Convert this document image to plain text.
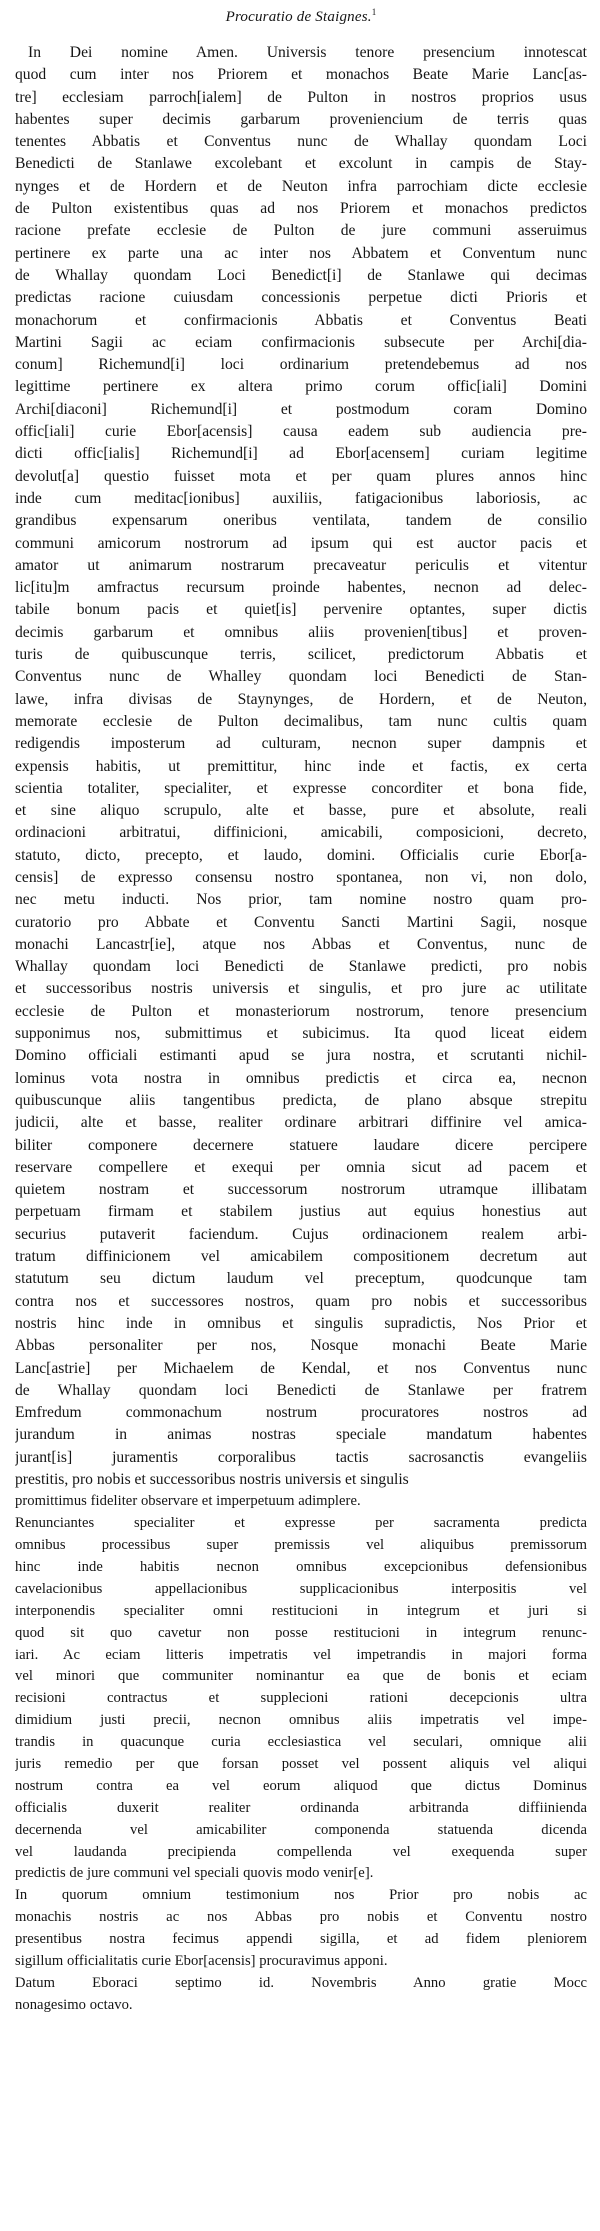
Procuratio de Staignes.$^1$
In Dei nomine Amen. Universis tenore presencium innotescat
quod cum inter nos Priorem et monachos Beate Marie Lanc[as-
tre] ecclesiam parroch[ialem] de Pulton in nostros proprios usus
habentes super decimis garbarum proveniencium de terris quas
tenentes Abbatis et Conventus nunc de Whallay quondam Loci
Benedicti de Stanlawe excolebant et excolunt in campis de Stay-
nynges et de Hordern et de Neuton infra parrochiam dicte ecclesie
de Pulton existentibus quas ad nos Priorem et monachos predictos
racione prefate ecclesie de Pulton de jure communi asseruimus
pertinere ex parte una ac inter nos Abbatem et Conventum nunc
de Whallay quondam Loci Benedict[i] de Stanlawe qui decimas
predictas racione cuiusdam concessionis perpetue dicti Prioris et
monachorum et confirmacionis Abbatis et Conventus Beati
Martini Sagii ac eciam confirmacionis subsecute per Archi[dia-
conum] Richemund[i] loci ordinarium pretendebemus ad nos
legittime pertinere ex altera primo corum offic[iali] Domini
Archi[diaconi] Richemund[i] et postmodum coram Domino
offic[iali] curie Ebor[acensis] causa eadem sub audiencia pre-
dicti offic[ialis] Richemund[i] ad Ebor[acensem] curiam legitime
devolut[a] questio fuisset mota et per quam plures annos hinc
inde cum meditac[ionibus] auxiliis, fatigacionibus laboriosis, ac
grandibus expensarum oneribus ventilata, tandem de consilio
communi amicorum nostrorum ad ipsum qui est auctor pacis et
amator ut animarum nostrarum precaveatur periculis et vitentur
lic[itu]m amfractus recursum proinde habentes, necnon ad delec-
tabile bonum pacis et quiet[is] pervenire optantes, super dictis
decimis garbarum et omnibus aliis provenien[tibus] et proven-
turis de quibuscunque terris, scilicet, predictorum Abbatis et
Conventus nunc de Whalley quondam loci Benedicti de Stan-
lawe, infra divisas de Staynynges, de Hordern, et de Neuton,
memorate ecclesie de Pulton decimalibus, tam nunc cultis quam
redigendis imposterum ad culturam, necnon super dampnis et
expensis habitis, ut premittitur, hinc inde et factis, ex certa
scientia totaliter, specialiter, et expresse concorditer et bona fide,
et sine aliquo scrupulo, alte et basse, pure et absolute, reali
ordinacioni arbitratui, diffinicioni, amicabili, composicioni, decreto,
statuto, dicto, precepto, et laudo, domini. Officialis curie Ebor[a-
censis] de expresso consensu nostro spontanea, non vi, non dolo,
nec metu inducti. Nos prior, tam nomine nostro quam pro-
curatorio pro Abbate et Conventu Sancti Martini Sagii, nosque
monachi Lancastr[ie], atque nos Abbas et Conventus, nunc de
Whallay quondam loci Benedicti de Stanlawe predicti, pro nobis
et successoribus nostris universis et singulis, et pro jure ac utilitate
ecclesie de Pulton et monasteriorum nostrorum, tenore presencium
supponimus nos, submittimus et subicimus. Ita quod liceat eidem
Domino officiali estimanti apud se jura nostra, et scrutanti nichil-
lominus vota nostra in omnibus predictis et circa ea, necnon
quibuscunque aliis tangentibus predicta, de plano absque strepitu
judicii, alte et basse, realiter ordinare arbitrari diffinire vel amica-
biliter componere decernere statuere laudare dicere percipere
reservare compellere et exequi per omnia sicut ad pacem et
quietem nostram et successorum nostrorum utramque illibatam
perpetuam firmam et stabilem justius aut equius honestius aut
securius putaverit faciendum. Cujus ordinacionem realem arbi-
tratum diffinicionem vel amicabilem compositionem decretum aut
statutum seu dictum laudum vel preceptum, quodcunque tam
contra nos et successores nostros, quam pro nobis et successoribus
nostris hinc inde in omnibus et singulis supradictis, Nos Prior et
Abbas personaliter per nos, Nosque monachi Beate Marie
Lanc[astrie] per Michaelem de Kendal, et nos Conventus nunc
de Whallay quondam loci Benedicti de Stanlawe per fratrem
Emfredum commonachum nostrum procuratores nostros ad
jurandum in animas nostras speciale mandatum habentes
jurant[is] juramentis corporalibus tactis sacrosanctis evangeliis
prestitis, pro nobis et successoribus nostris universis et singulis
promittimus fideliter observare et imperpetuum adimplere.
Renunciantes specialiter et expresse per sacramenta predicta
omnibus processibus super premissis vel aliquibus premissorum
hinc inde habitis necnon omnibus excepcionibus defensionibus
cavelacionibus appellacionibus supplicacionibus interpositis vel
interponendis specialiter omni restitucioni in integrum et juri si
quod sit quo cavetur non posse restitucioni in integrum renunc-
iari. Ac eciam litteris impetratis vel impetrandis in majori forma
vel minori que communiter nominantur ea que de bonis et eciam
recisioni contractus et supplecioni rationi decepcionis ultra
dimidium justi precii, necnon omnibus aliis impetratis vel impe-
trandis in quacunque curia ecclesiastica vel seculari, omnique alii
juris remedio per que forsan posset vel possent aliquis vel aliqui
nostrum contra ea vel eorum aliquod que dictus Dominus
officialis duxerit realiter ordinanda arbitranda diffiinienda
decernenda vel amicabiliter componenda statuenda dicenda
vel laudanda precipienda compellenda vel exequenda super
predictis de jure communi vel speciali quovis modo venir[e].
In quorum omnium testimonium nos Prior pro nobis ac
monachis nostris ac nos Abbas pro nobis et Conventu nostro
presentibus nostra fecimus appendi sigilla, et ad fidem pleniorem
sigillum officialitatis curie Ebor[acensis] procuravimus apponi.
Datum Eboraci septimo id. Novembris Anno gratie Mᴏcc
nonagesimo octavo.
